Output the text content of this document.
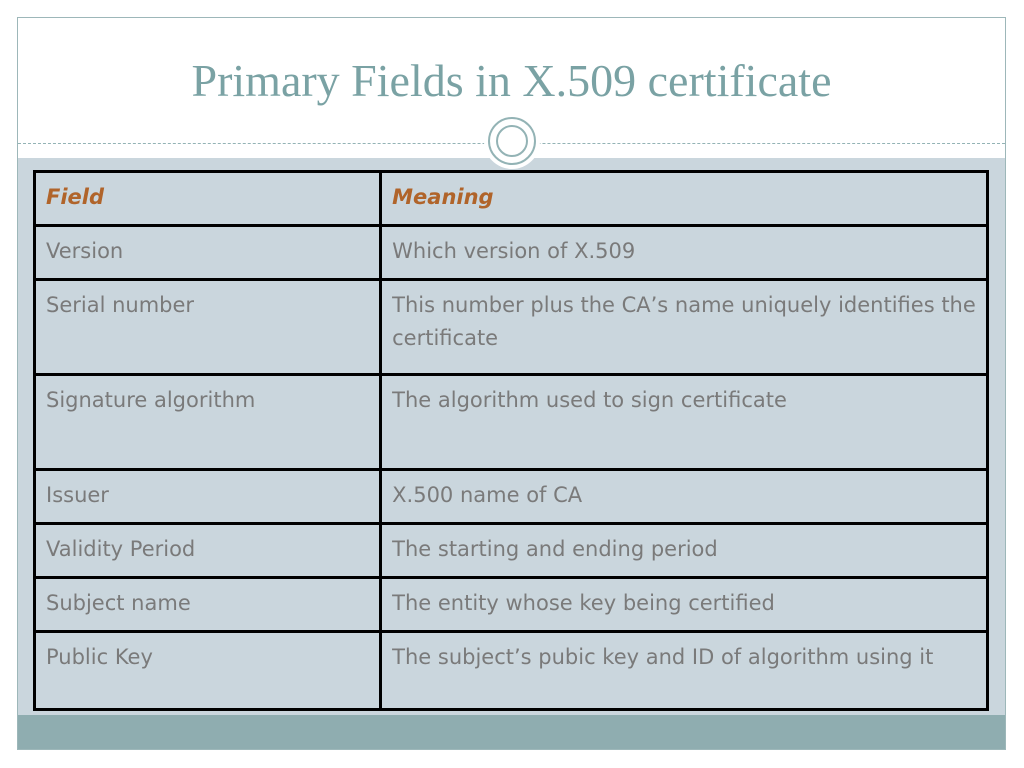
Primary Fields in X.509 certificate
Field	Meaning
Version	Which version of X.509
Serial number	This number plus the CA’s name uniquely identifies the certificate
Signature algorithm	The algorithm used to sign certificate
Issuer	X.500 name of CA
Validity Period	The starting and ending period
Subject name	The entity whose key being certified
Public Key	The subject’s pubic key and ID of algorithm using it
